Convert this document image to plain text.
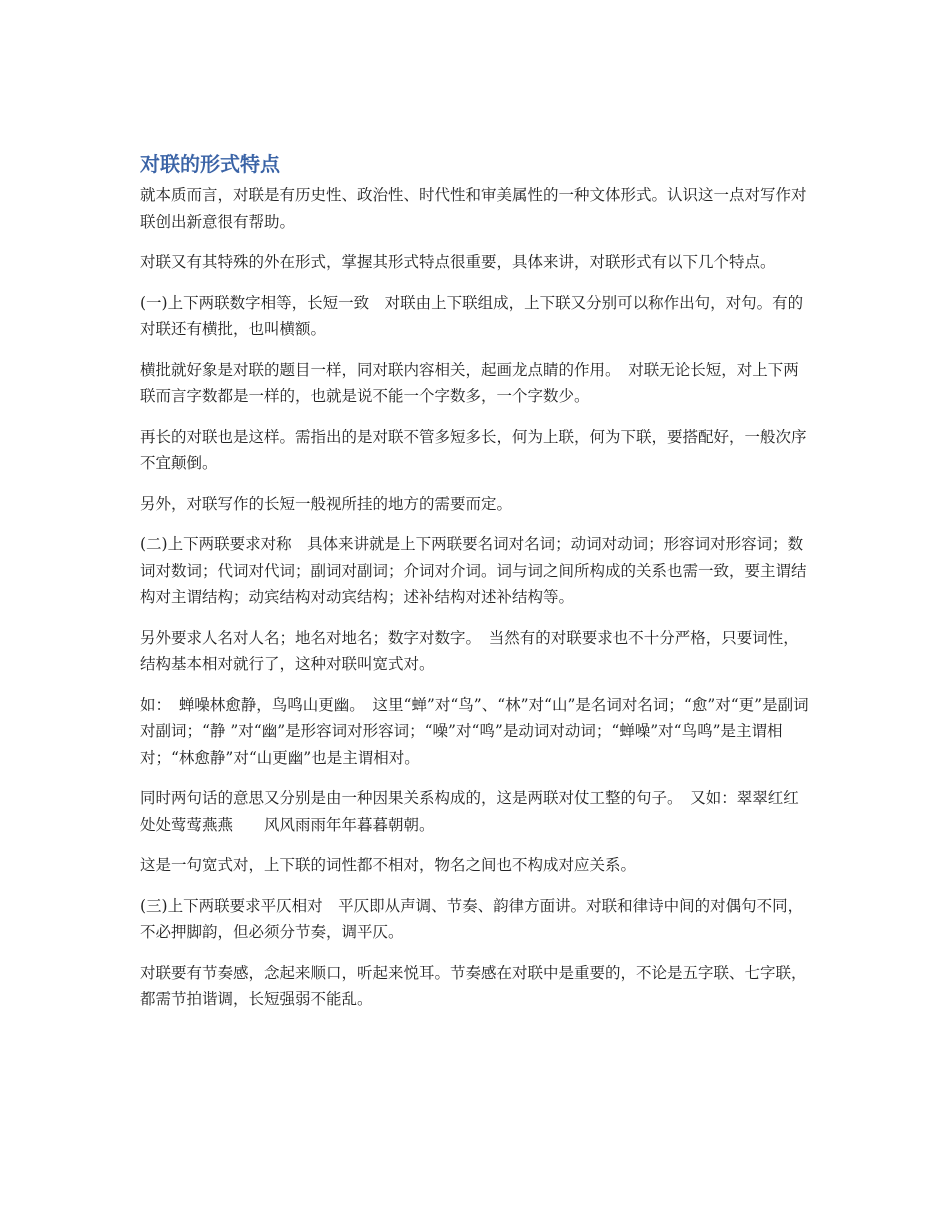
对联的形式特点

就本质而言，对联是有历史性、政治性、时代性和审美属性的一种文体形式。认识这一点对写作对联创出新意很有帮助。

对联又有其特殊的外在形式，掌握其形式特点很重要，具体来讲，对联形式有以下几个特点。

(一)上下两联数字相等，长短一致　对联由上下联组成，上下联又分别可以称作出句，对句。有的对联还有横批，也叫横额。

横批就好象是对联的题目一样，同对联内容相关，起画龙点睛的作用。　对联无论长短，对上下两联而言字数都是一样的，也就是说不能一个字数多，一个字数少。

再长的对联也是这样。需指出的是对联不管多短多长，何为上联，何为下联，要搭配好，一般次序不宜颠倒。

另外，对联写作的长短一般视所挂的地方的需要而定。

(二)上下两联要求对称　具体来讲就是上下两联要名词对名词；动词对动词；形容词对形容词；数词对数词；代词对代词；副词对副词；介词对介词。词与词之间所构成的关系也需一致，要主谓结构对主谓结构；动宾结构对动宾结构；述补结构对述补结构等。

另外要求人名对人名；地名对地名；数字对数字。　当然有的对联要求也不十分严格，只要词性，结构基本相对就行了，这种对联叫宽式对。

如：　蝉噪林愈静，鸟鸣山更幽。　这里“蝉”对“鸟”、“林”对“山”是名词对名词；“愈”对“更”是副词对副词；“静 ”对“幽”是形容词对形容词；“噪”对“鸣”是动词对动词；“蝉噪”对“鸟鸣”是主谓相对；“林愈静”对“山更幽”也是主谓相对。

同时两句话的意思又分别是由一种因果关系构成的，这是两联对仗工整的句子。　又如：翠翠红红处处莺莺燕燕　　风风雨雨年年暮暮朝朝。

这是一句宽式对，上下联的词性都不相对，物名之间也不构成对应关系。

(三)上下两联要求平仄相对　平仄即从声调、节奏、韵律方面讲。对联和律诗中间的对偶句不同，不必押脚韵，但必须分节奏，调平仄。

对联要有节奏感，念起来顺口，听起来悦耳。节奏感在对联中是重要的，不论是五字联、七字联，都需节拍谐调，长短强弱不能乱。
